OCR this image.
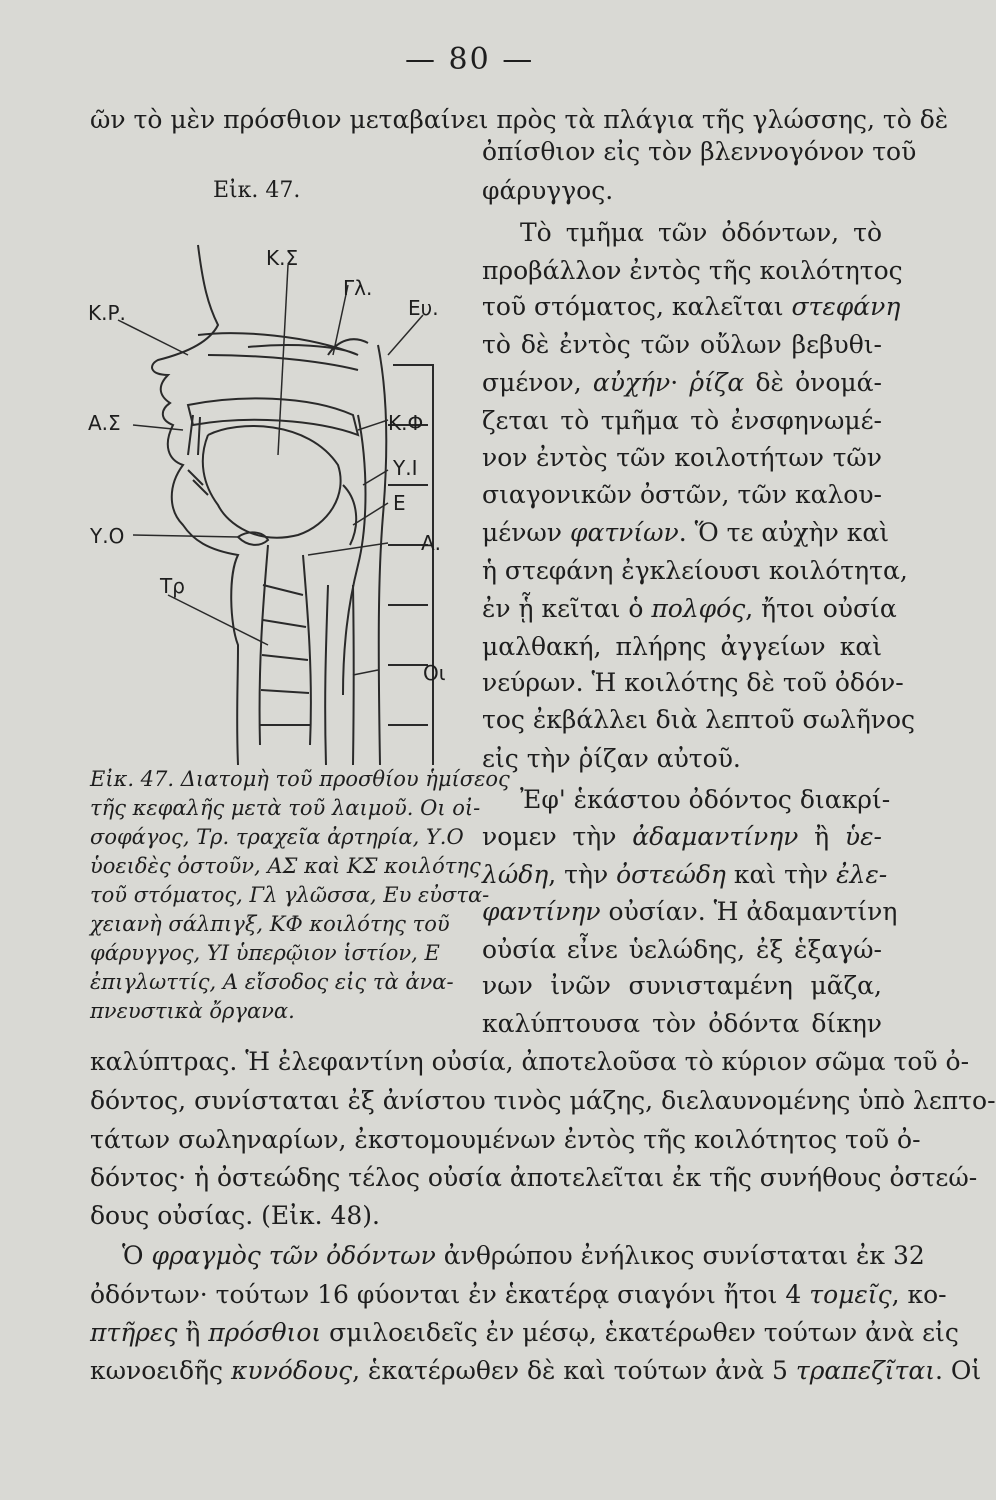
— 80 —
ῶν τὸ μὲν πρόσθιον μεταβαίνει πρὸς τὰ πλάγια τῆς γλώσσης, τὸ δὲ
Εἰκ. 47.
ὀπίσθιον εἰς τὸν βλεννογόνον τοῦ
φάρυγγος.
Τὸ τμῆμα τῶν ὀδόντων, τὸ
προβάλλον ἐντὸς τῆς κοιλότητος
τοῦ στόματος, καλεῖται στεφάνη
τὸ δὲ ἐντὸς τῶν οὔλων βεβυθι-
σμένον, αὐχήν· ῥίζα δὲ ὀνομά-
ζεται τὸ τμῆμα τὸ ἐνσφηνωμέ-
νον ἐντὸς τῶν κοιλοτήτων τῶν
σιαγονικῶν ὀστῶν, τῶν καλου-
μένων φατνίων. Ὅ τε αὐχὴν καὶ
ἡ στεφάνη ἐγκλείουσι κοιλότητα,
ἐν ᾗ κεῖται ὁ πολφός, ἤτοι οὐσία
μαλθακή, πλήρης ἀγγείων καὶ
νεύρων. Ἡ κοιλότης δὲ τοῦ ὀδόν-
τος ἐκβάλλει διὰ λεπτοῦ σωλῆνος
εἰς τὴν ῥίζαν αὐτοῦ.
Ἐφ' ἑκάστου ὀδόντος διακρί-
νομεν τὴν ἀδαμαντίνην ἢ ὑε-
λώδη, τὴν ὀστεώδη καὶ τὴν ἐλε-
φαντίνην οὐσίαν. Ἡ ἀδαμαντίνη
οὐσία εἶνε ὑελώδης, ἐξ ἑξαγώ-
νων ἰνῶν συνισταμένη μᾶζα,
καλύπτουσα τὸν ὀδόντα δίκην
Κ.Σ
Κ.Ρ.
Γλ.
Ευ.
Α.Σ	Κ.Φ
Υ.Ι
Ε
Υ.Ο	Α.
Τρ
Οι
Εἰκ. 47. Διατομὴ τοῦ προσθίου ἡμίσεος
τῆς κεφαλῆς μετὰ τοῦ λαιμοῦ. Οι οἰ-
σοφάγος, Τρ. τραχεῖα ἀρτηρία, Υ.Ο
ὑοειδὲς ὀστοῦν, ΑΣ καὶ ΚΣ κοιλότης
τοῦ στόματος, Γλ γλῶσσα, Ευ εὐστα-
χειανὴ σάλπιγξ, ΚΦ κοιλότης τοῦ
φάρυγγος, ΥΙ ὑπερῷιον ἱστίον, Ε
ἐπιγλωττίς, Α εἴσοδος εἰς τὰ ἀνα-
πνευστικὰ ὄργανα.
καλύπτρας. Ἡ ἐλεφαντίνη οὐσία, ἀποτελοῦσα τὸ κύριον σῶμα τοῦ ὀ-
δόντος, συνίσταται ἐξ ἀνίστου τινὸς μάζης, διελαυνομένης ὑπὸ λεπτο-
τάτων σωληναρίων, ἐκστομουμένων ἐντὸς τῆς κοιλότητος τοῦ ὀ-
δόντος· ἡ ὀστεώδης τέλος οὐσία ἀποτελεῖται ἐκ τῆς συνήθους ὀστεώ-
δους οὐσίας. (Εἰκ. 48).
Ὁ φραγμὸς τῶν ὀδόντων ἀνθρώπου ἐνήλικος συνίσταται ἐκ 32
ὀδόντων· τούτων 16 φύονται ἐν ἑκατέρᾳ σιαγόνι ἤτοι 4 τομεῖς, κο-
πτῆρες ἢ πρόσθιοι σμιλοειδεῖς ἐν μέσῳ, ἑκατέρωθεν τούτων ἀνὰ εἰς
κωνοειδῆς κυνόδους, ἑκατέρωθεν δὲ καὶ τούτων ἀνὰ 5 τραπεζῖται. Οἱ
